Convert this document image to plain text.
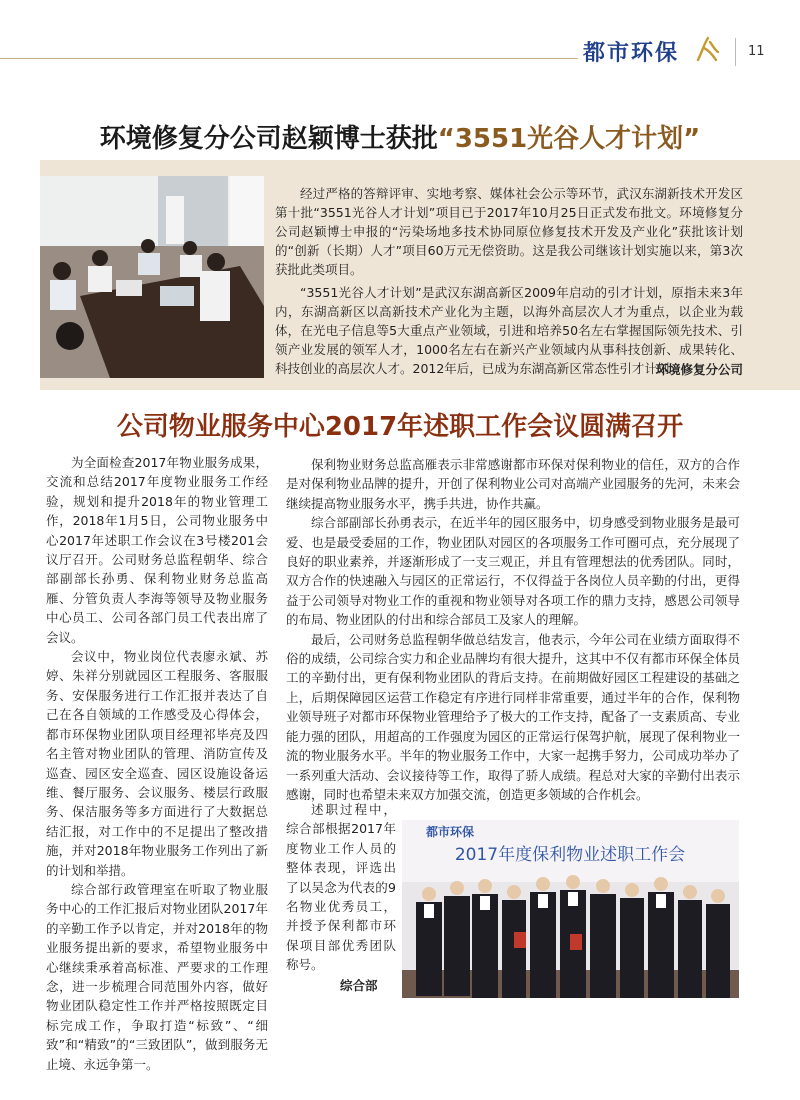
都市环保	11
环境修复分公司赵颖博士获批“3551光谷人才计划”

经过严格的答辩评审、实地考察、媒体社会公示等环节，武汉东湖新技术开发区第十批“3551光谷人才计划”项目已于2017年10月25日正式发布批文。环境修复分公司赵颖博士申报的“污染场地多技术协同原位修复技术开发及产业化”获批该计划的“创新（长期）人才”项目60万元无偿资助。这是我公司继该计划实施以来，第3次获批此类项目。

“3551光谷人才计划”是武汉东湖高新区2009年启动的引才计划，原指未来3年内，东湖高新区以高新技术产业化为主题，以海外高层次人才为重点，以企业为载体，在光电子信息等5大重点产业领域，引进和培养50名左右掌握国际领先技术、引领产业发展的领军人才，1000名左右在新兴产业领域内从事科技创新、成果转化、科技创业的高层次人才。2012年后，已成为东湖高新区常态性引才计划。

环境修复分公司
公司物业服务中心2017年述职工作会议圆满召开

为全面检查2017年物业服务成果，交流和总结2017年度物业服务工作经验，规划和提升2018年的物业管理工作，2018年1月5日，公司物业服务中心2017年述职工作会议在3号楼201会议厅召开。公司财务总监程朝华、综合部副部长孙勇、保利物业财务总监高雁、分管负责人李海等领导及物业服务中心员工、公司各部门员工代表出席了会议。

会议中，物业岗位代表廖永斌、苏婷、朱祥分别就园区工程服务、客服服务、安保服务进行工作汇报并表达了自己在各自领域的工作感受及心得体会，都市环保物业团队项目经理祁毕亮及四名主管对物业团队的管理、消防宣传及巡查、园区安全巡查、园区设施设备运维、餐厅服务、会议服务、楼层行政服务、保洁服务等多方面进行了大数据总结汇报，对工作中的不足提出了整改措施，并对2018年物业服务工作列出了新的计划和举措。

综合部行政管理室在听取了物业服务中心的工作汇报后对物业团队2017年的辛勤工作予以肯定，并对2018年的物业服务提出新的要求，希望物业服务中心继续秉承着高标准、严要求的工作理念，进一步梳理合同范围外内容，做好物业团队稳定性工作并严格按照既定目标完成工作，争取打造“标致”、“细致”和“精致”的“三致团队”，做到服务无止境、永远争第一。

保利物业财务总监高雁表示非常感谢都市环保对保利物业的信任，双方的合作是对保利物业品牌的提升，开创了保利物业公司对高端产业园服务的先河，未来会继续提高物业服务水平，携手共进，协作共赢。

综合部副部长孙勇表示，在近半年的园区服务中，切身感受到物业服务是最可爱、也是最受委屈的工作，物业团队对园区的各项服务工作可圈可点，充分展现了良好的职业素养，并逐渐形成了一支三观正，并且有管理想法的优秀团队。同时，双方合作的快速融入与园区的正常运行，不仅得益于各岗位人员辛勤的付出，更得益于公司领导对物业工作的重视和物业领导对各项工作的鼎力支持，感恩公司领导的布局、物业团队的付出和综合部员工及家人的理解。

最后，公司财务总监程朝华做总结发言，他表示，今年公司在业绩方面取得不俗的成绩，公司综合实力和企业品牌均有很大提升，这其中不仅有都市环保全体员工的辛勤付出，更有保利物业团队的背后支持。在前期做好园区工程建设的基础之上，后期保障园区运营工作稳定有序进行同样非常重要，通过半年的合作，保利物业领导班子对都市环保物业管理给予了极大的工作支持，配备了一支素质高、专业能力强的团队，用超高的工作强度为园区的正常运行保驾护航，展现了保利物业一流的物业服务水平。半年的物业服务工作中，大家一起携手努力，公司成功举办了一系列重大活动、会议接待等工作，取得了骄人成绩。程总对大家的辛勤付出表示感谢，同时也希望未来双方加强交流，创造更多领域的合作机会。

述职过程中，综合部根据2017年度物业工作人员的整体表现，评选出了以吴念为代表的9名物业优秀员工，并授予保利都市环保项目部优秀团队称号。

综合部
都市环保
2017年度保利物业述职工作会
